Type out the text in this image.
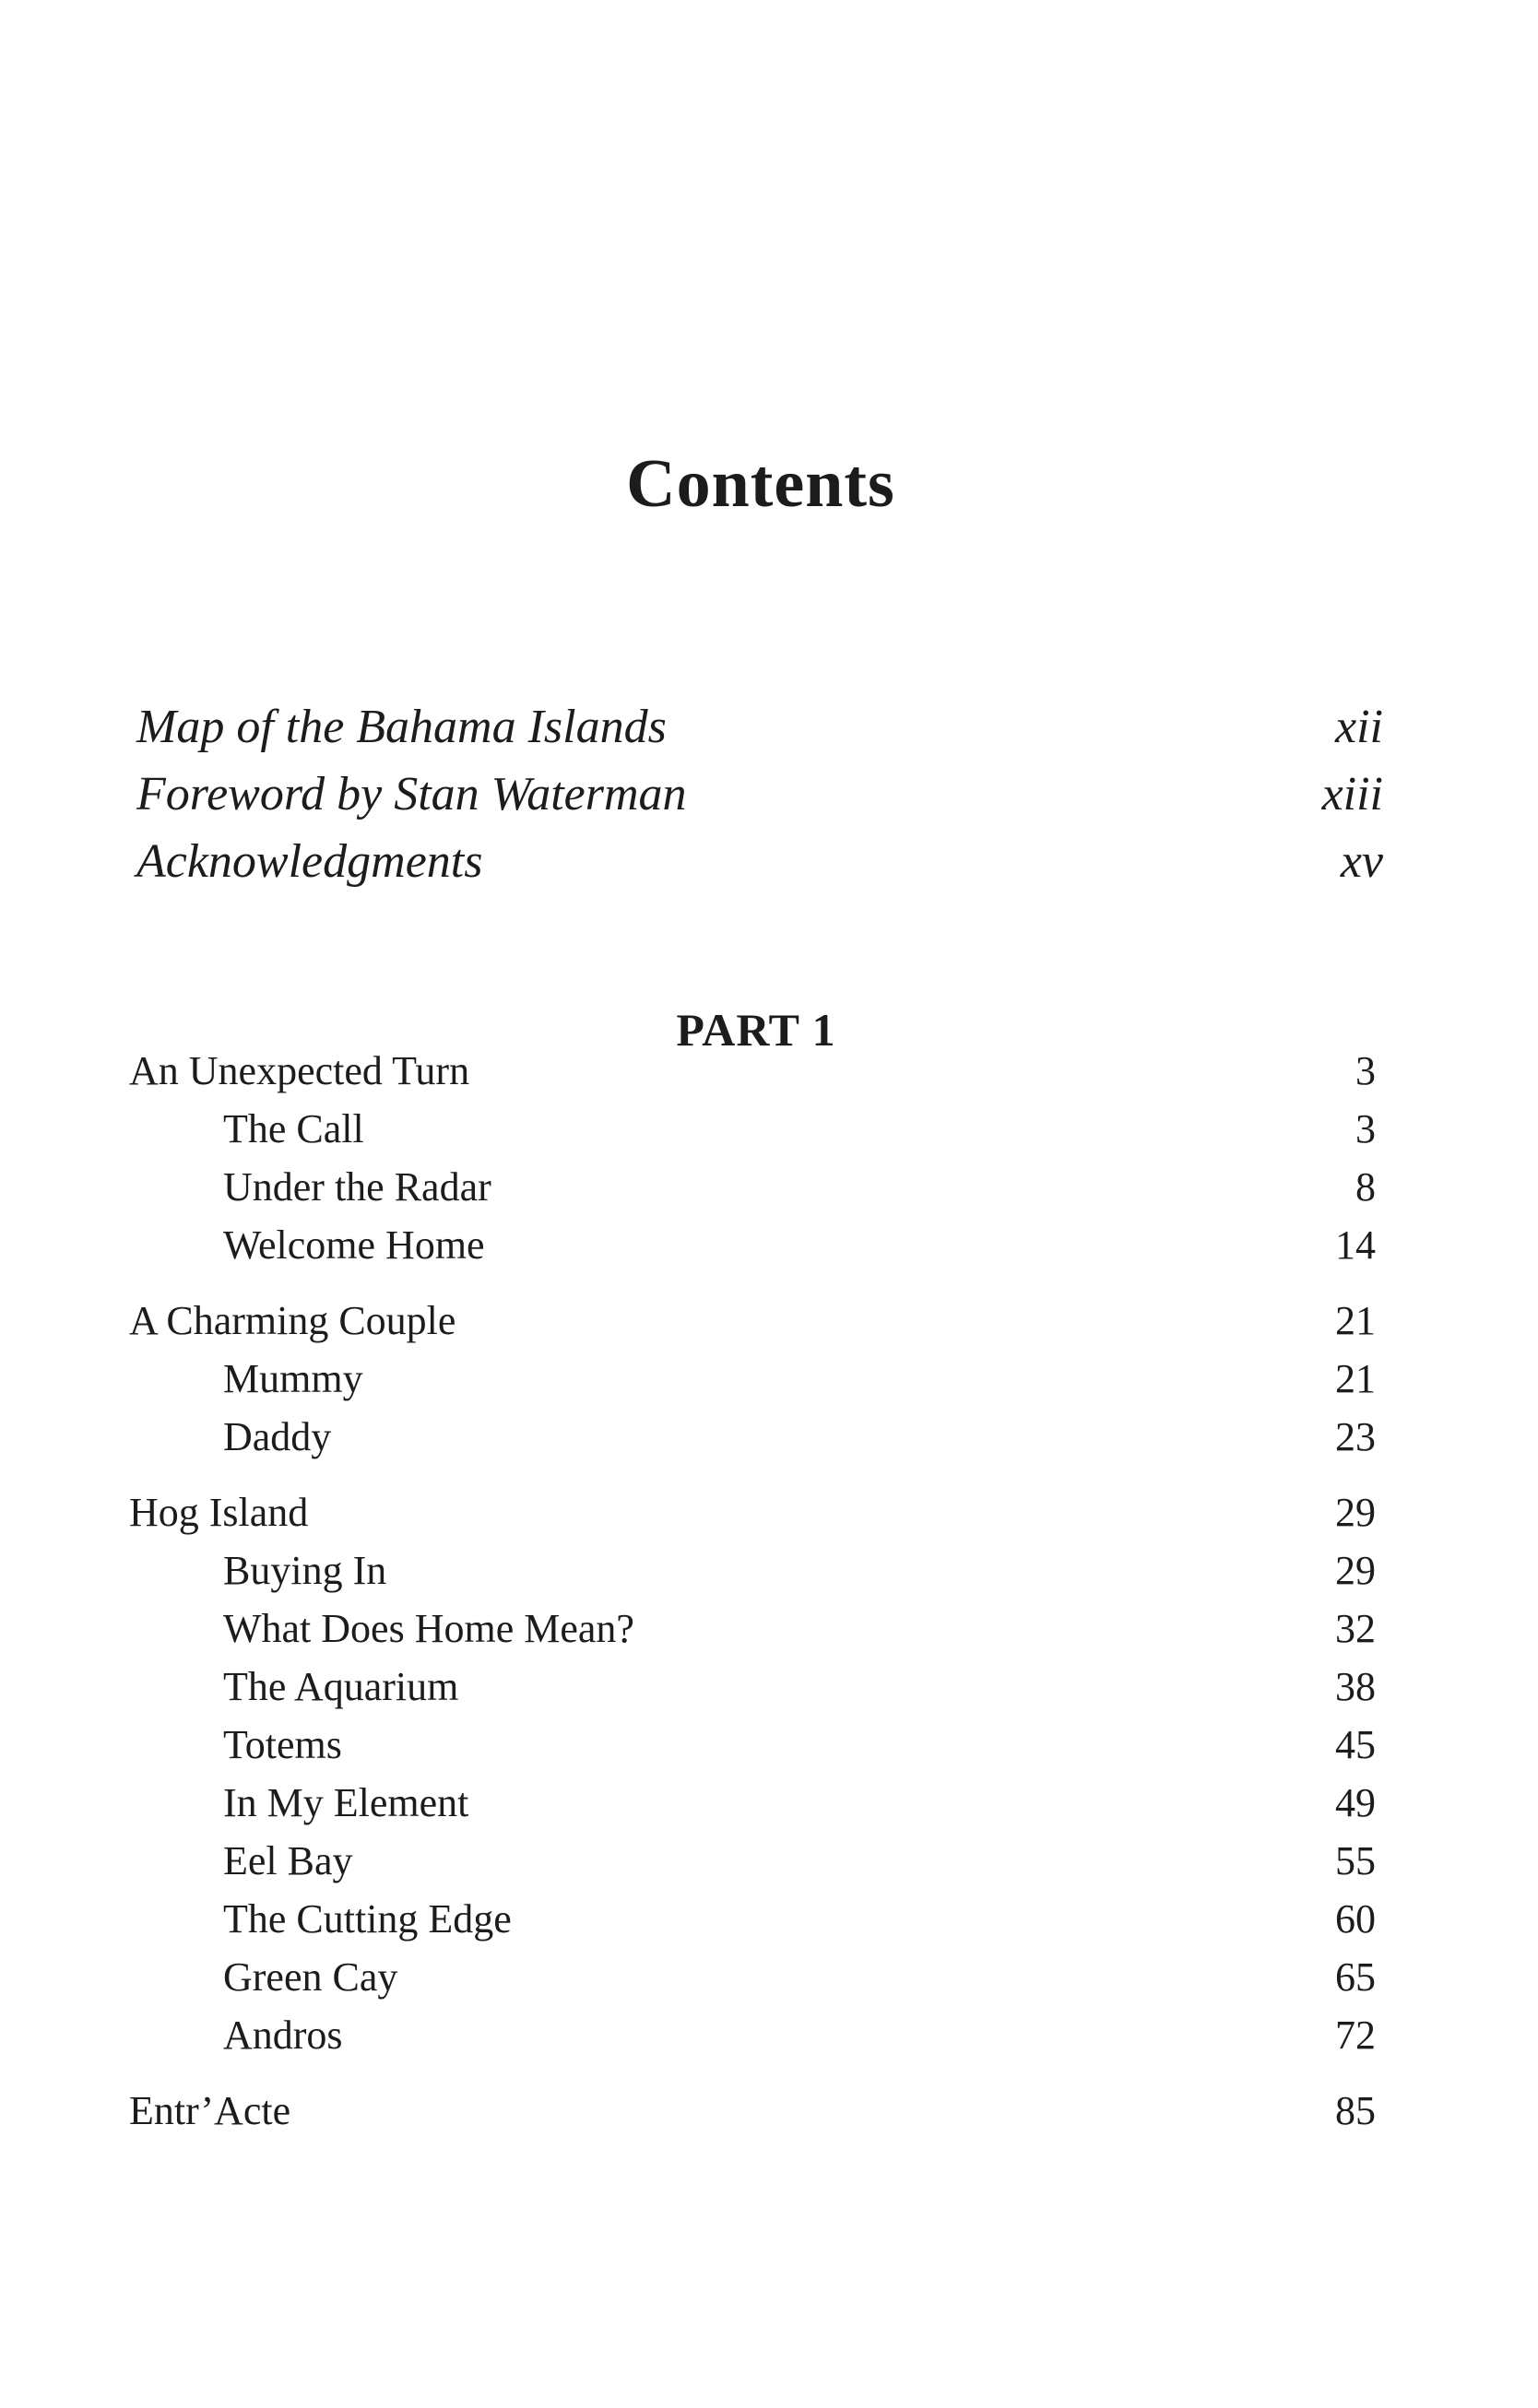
Contents
Map of the Bahama Islands	xii
Foreword by Stan Waterman	xiii
Acknowledgments	xv
PART 1
An Unexpected Turn	3
The Call	3
Under the Radar	8
Welcome Home	14
A Charming Couple	21
Mummy	21
Daddy	23
Hog Island	29
Buying In	29
What Does Home Mean?	32
The Aquarium	38
Totems	45
In My Element	49
Eel Bay	55
The Cutting Edge	60
Green Cay	65
Andros	72
Entr’Acte	85
